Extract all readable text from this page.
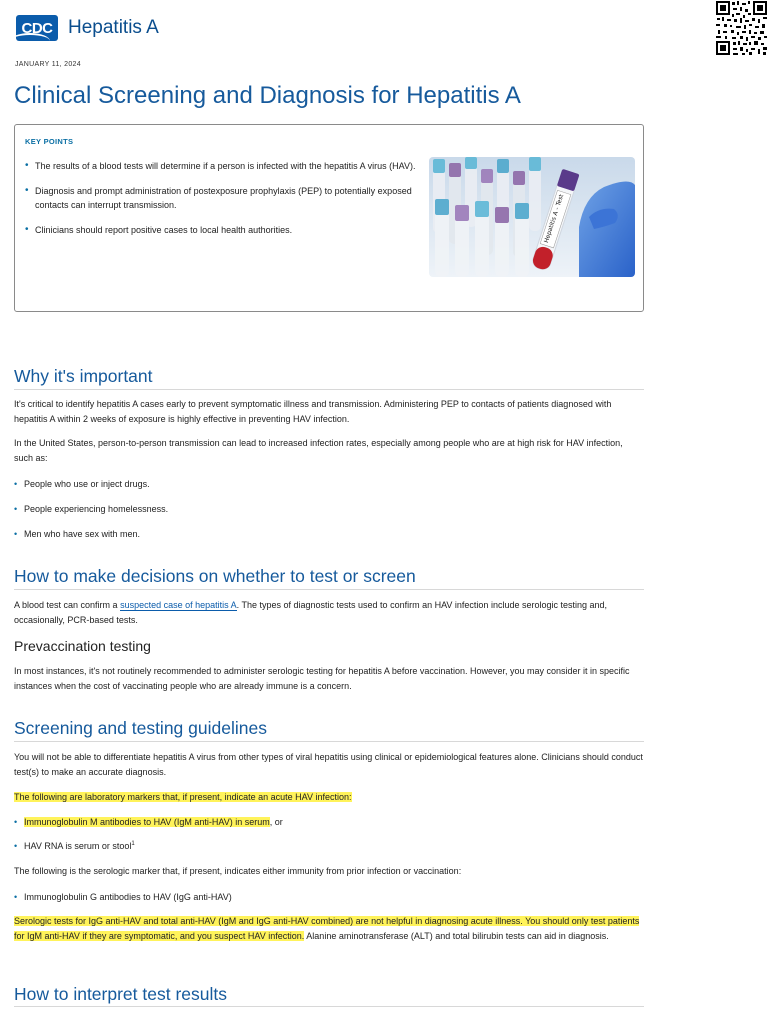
CDC Hepatitis A
JANUARY 11, 2024
Clinical Screening and Diagnosis for Hepatitis A
KEY POINTS
• The results of a blood tests will determine if a person is infected with the hepatitis A virus (HAV).
• Diagnosis and prompt administration of postexposure prophylaxis (PEP) to potentially exposed contacts can interrupt transmission.
• Clinicians should report positive cases to local health authorities.	Hepatitis A - Test
Why it's important

It's critical to identify hepatitis A cases early to prevent symptomatic illness and transmission. Administering PEP to contacts of patients diagnosed with hepatitis A within 2 weeks of exposure is highly effective in preventing HAV infection.

In the United States, person-to-person transmission can lead to increased infection rates, especially among people who are at high risk for HAV infection, such as:

• People who use or inject drugs.
• People experiencing homelessness.
• Men who have sex with men.
How to make decisions on whether to test or screen

A blood test can confirm a suspected case of hepatitis A. The types of diagnostic tests used to confirm an HAV infection include serologic testing and, occasionally, PCR-based tests.

Prevaccination testing

In most instances, it's not routinely recommended to administer serologic testing for hepatitis A before vaccination. However, you may consider it in specific instances when the cost of vaccinating people who are already immune is a concern.

Screening and testing guidelines

You will not be able to differentiate hepatitis A virus from other types of viral hepatitis using clinical or epidemiological features alone. Clinicians should conduct test(s) to make an accurate diagnosis.

The following are laboratory markers that, if present, indicate an acute HAV infection:

• Immunoglobulin M antibodies to HAV (IgM anti-HAV) in serum, or
• HAV RNA is serum or stool$^1$

The following is the serologic marker that, if present, indicates either immunity from prior infection or vaccination:

• Immunoglobulin G antibodies to HAV (IgG anti-HAV)

Serologic tests for IgG anti-HAV and total anti-HAV (IgM and IgG anti-HAV combined) are not helpful in diagnosing acute illness. You should only test patients for IgM anti-HAV if they are symptomatic, and you suspect HAV infection. Alanine aminotransferase (ALT) and total bilirubin tests can aid in diagnosis.

How to interpret test results
